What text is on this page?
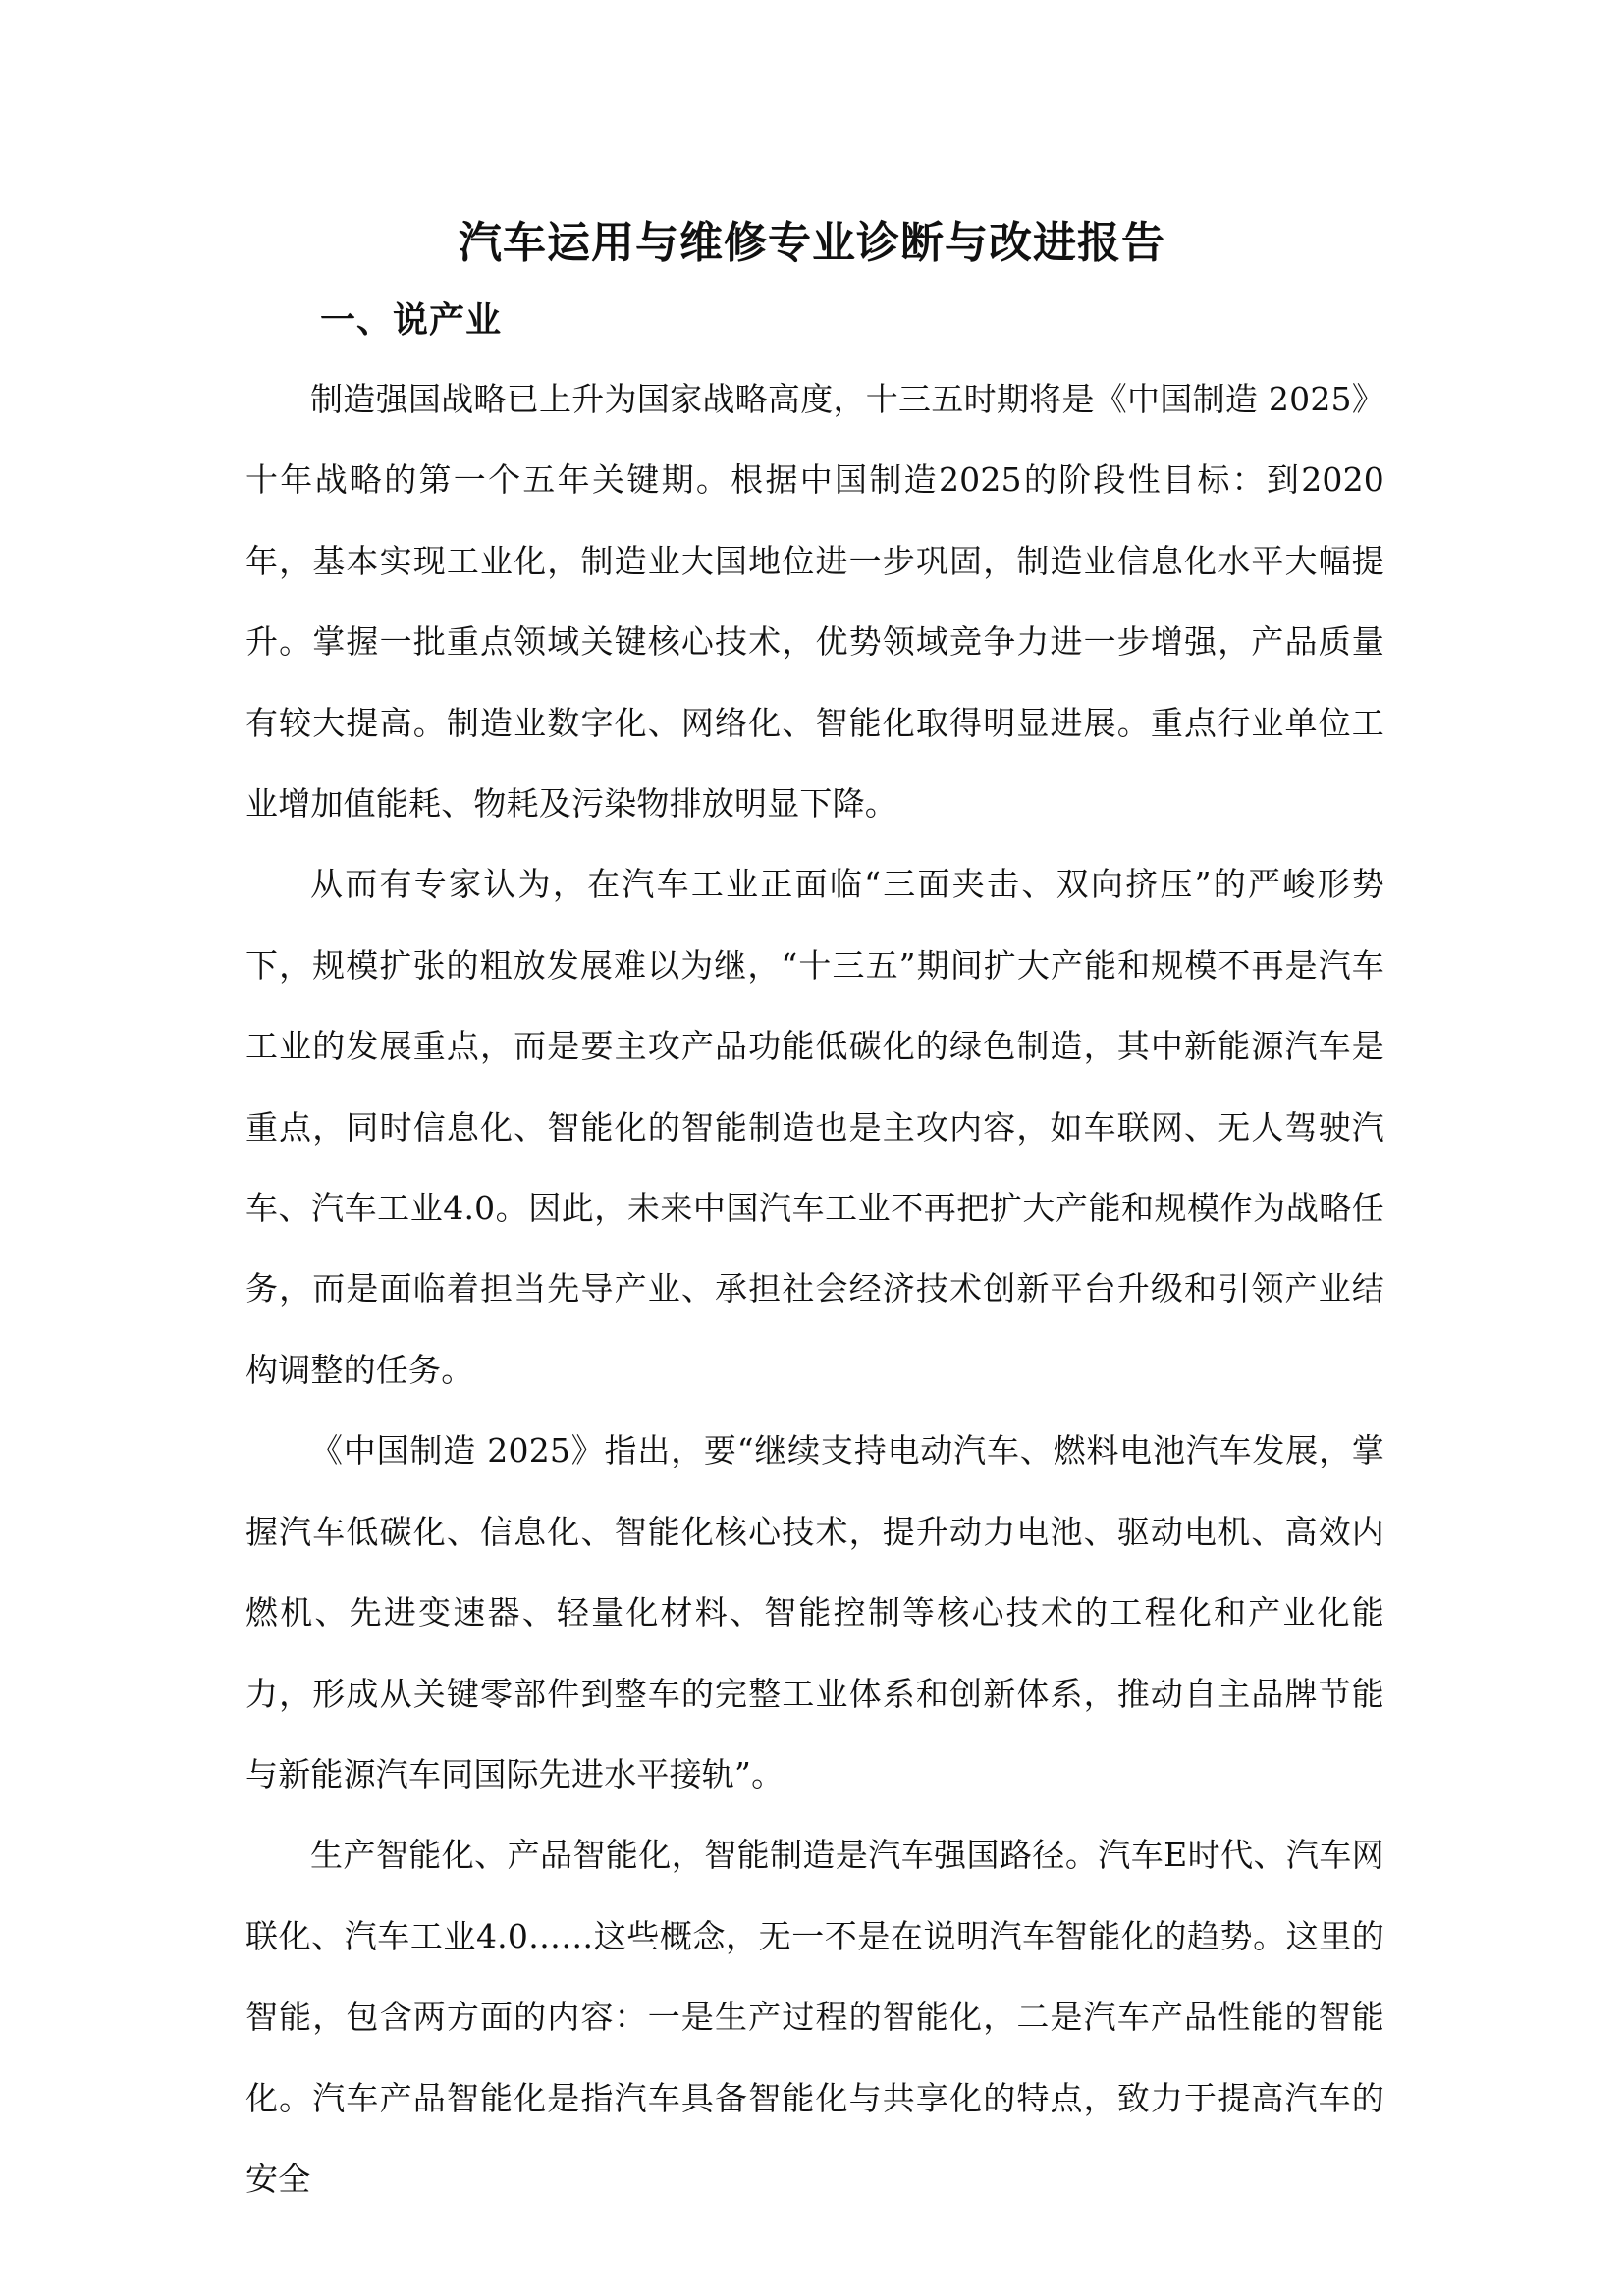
汽车运用与维修专业诊断与改进报告
一、说产业

制造强国战略已上升为国家战略高度，十三五时期将是《中国制造 2025》十年战略的第一个五年关键期。根据中国制造2025的阶段性目标：到2020年，基本实现工业化，制造业大国地位进一步巩固，制造业信息化水平大幅提升。掌握一批重点领域关键核心技术，优势领域竞争力进一步增强，产品质量有较大提高。制造业数字化、网络化、智能化取得明显进展。重点行业单位工业增加值能耗、物耗及污染物排放明显下降。

从而有专家认为，在汽车工业正面临“三面夹击、双向挤压”的严峻形势下，规模扩张的粗放发展难以为继，“十三五”期间扩大产能和规模不再是汽车工业的发展重点，而是要主攻产品功能低碳化的绿色制造，其中新能源汽车是重点，同时信息化、智能化的智能制造也是主攻内容，如车联网、无人驾驶汽车、汽车工业4.0。因此，未来中国汽车工业不再把扩大产能和规模作为战略任务，而是面临着担当先导产业、承担社会经济技术创新平台升级和引领产业结构调整的任务。

《中国制造 2025》指出，要“继续支持电动汽车、燃料电池汽车发展，掌握汽车低碳化、信息化、智能化核心技术，提升动力电池、驱动电机、高效内燃机、先进变速器、轻量化材料、智能控制等核心技术的工程化和产业化能力，形成从关键零部件到整车的完整工业体系和创新体系，推动自主品牌节能与新能源汽车同国际先进水平接轨”。

生产智能化、产品智能化，智能制造是汽车强国路径。汽车E时代、汽车网联化、汽车工业4.0……这些概念，无一不是在说明汽车智能化的趋势。这里的智能，包含两方面的内容：一是生产过程的智能化，二是汽车产品性能的智能化。汽车产品智能化是指汽车具备智能化与共享化的特点，致力于提高汽车的安全
